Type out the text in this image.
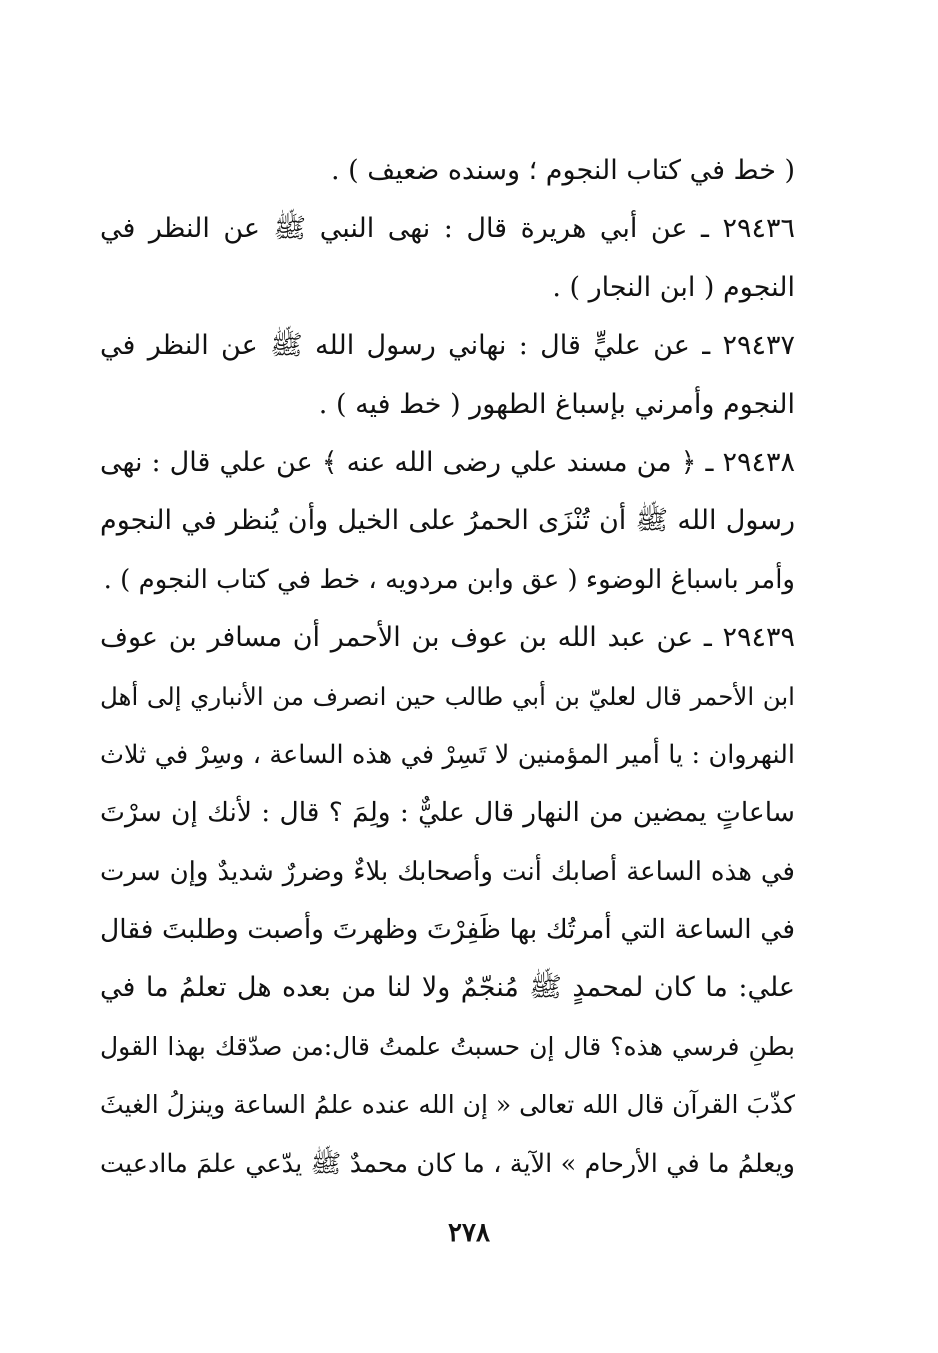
( خط في كتاب النجوم ؛ وسنده ضعيف ) .
٢٩٤٣٦ ـ عن أبي هريرة قال : نهى النبي ﷺ عن النظر في
النجوم ( ابن النجار ) .
٢٩٤٣٧ ـ عن عليٍّ قال : نهاني رسول الله ﷺ عن النظر في
النجوم وأمرني بإسباغ الطهور ( خط فيه ) .
٢٩٤٣٨ ـ ﴿ من مسند علي رضى الله عنه ﴾ عن علي قال : نهى
رسول الله ﷺ أن تُنْزَى الحمرُ على الخيل وأن يُنظر في النجوم
وأمر باسباغ الوضوء ( عق وابن مردويه ، خط في كتاب النجوم ) .
٢٩٤٣٩ ـ عن عبد الله بن عوف بن الأحمر أن مسافر بن عوف
ابن الأحمر قال لعليّ بن أبي طالب حين انصرف من الأنباري إلى أهل
النهروان : يا أمير المؤمنين لا تَسِرْ في هذه الساعة ، وسِرْ في ثلاث
ساعاتٍ يمضين من النهار قال عليٌّ : ولِمَ ؟ قال : لأنك إن سرْتَ
في هذه الساعة أصابك أنت وأصحابك بلاءٌ وضررٌ شديدٌ وإن سرت
في الساعة التي أمرتُك بها ظَفِرْتَ وظهرتَ وأصبت وطلبتَ فقال
علي: ما كان لمحمدٍ ﷺ مُنجّمٌ ولا لنا من بعده هل تعلمُ ما في
بطنِ فرسي هذه؟ قال إن حسبتُ علمتُ قال:من صدّقك بهذا القول
كذّبَ القرآن قال الله تعالى « إن الله عنده علمُ الساعة وينزلُ الغيثَ
ويعلمُ ما في الأرحام » الآية ، ما كان محمدٌ ﷺ يدّعي علمَ ماادعيت
٢٧٨
